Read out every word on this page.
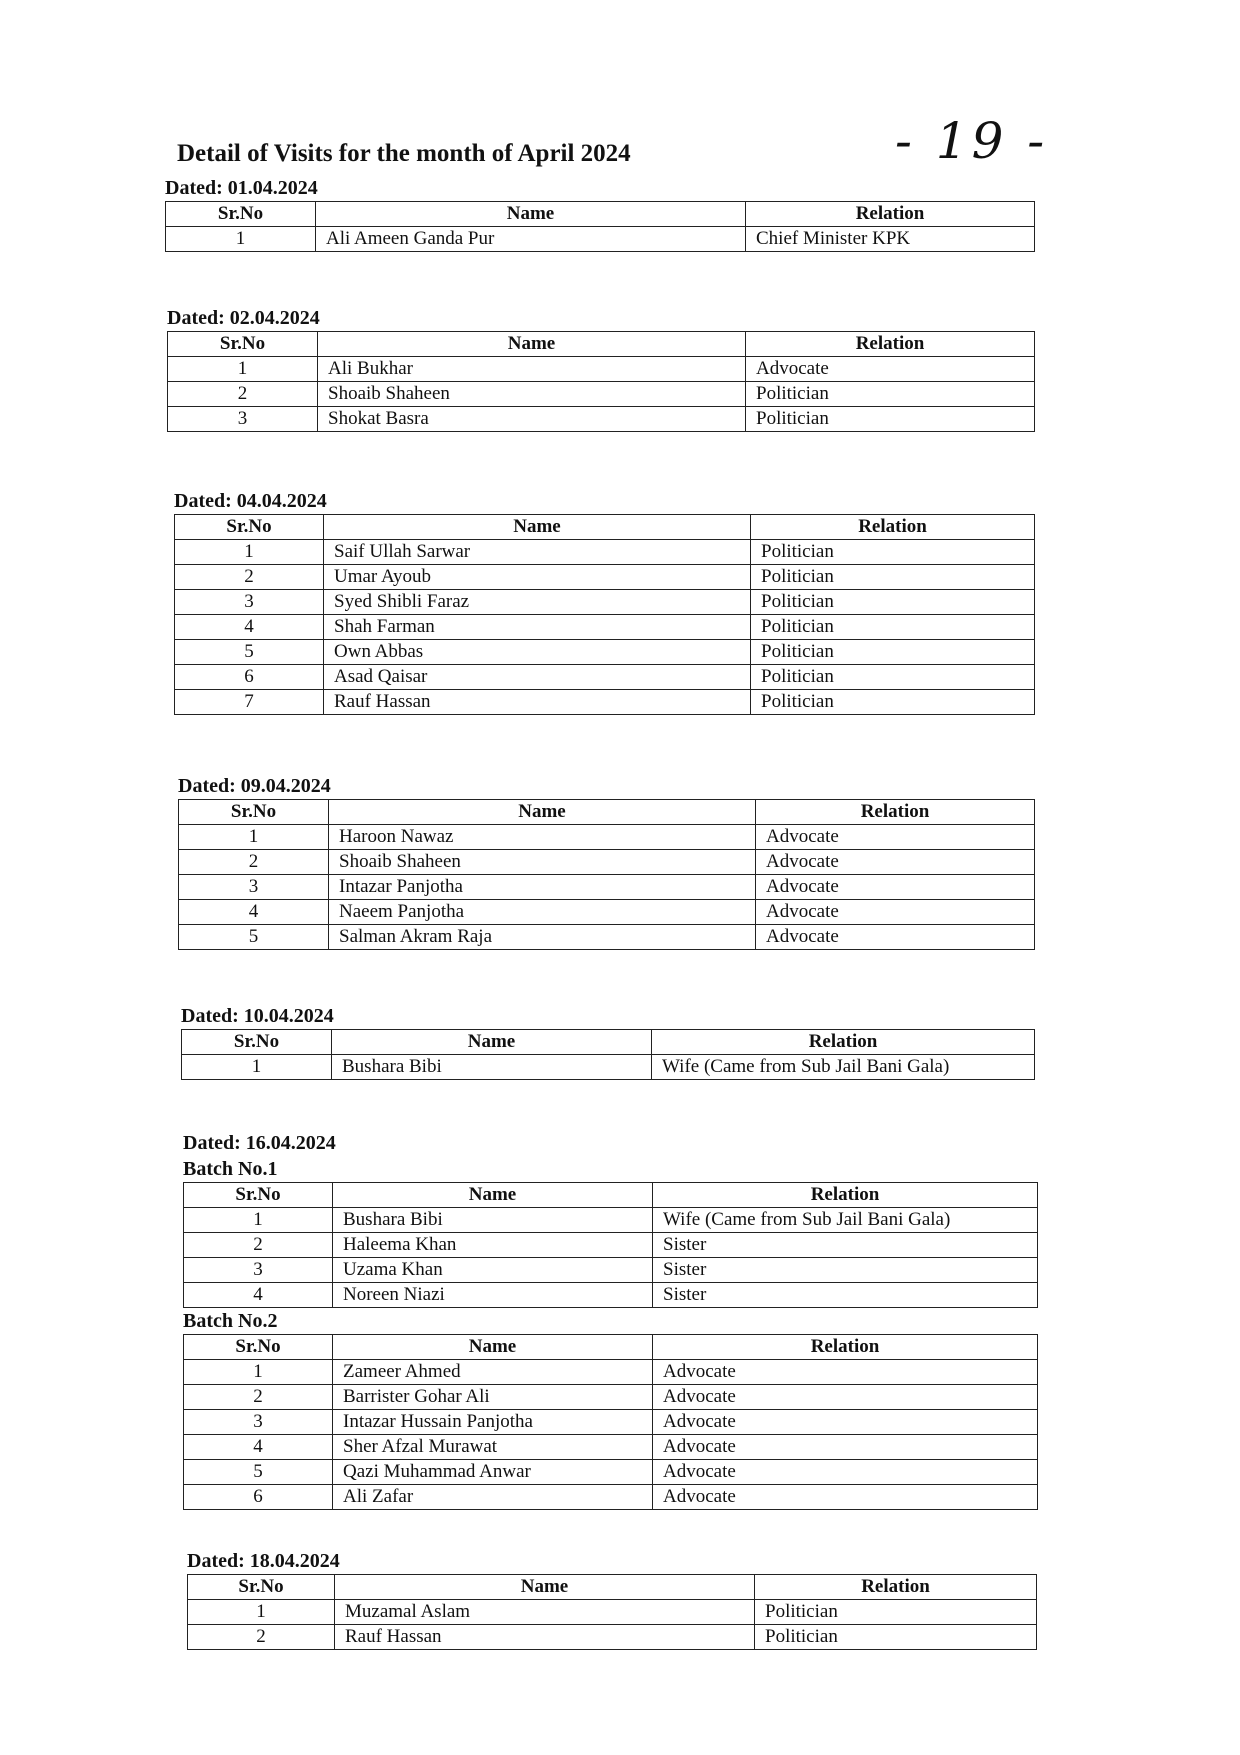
Detail of Visits for the month of April 2024	- 19 -
Dated: 01.04.2024
Sr.No	Name	Relation
1	Ali Ameen Ganda Pur	Chief Minister KPK
Dated: 02.04.2024
Sr.No	Name	Relation
1	Ali Bukhar	Advocate
2	Shoaib Shaheen	Politician
3	Shokat Basra	Politician
Dated: 04.04.2024
Sr.No	Name	Relation
1	Saif Ullah Sarwar	Politician
2	Umar Ayoub	Politician
3	Syed Shibli Faraz	Politician
4	Shah Farman	Politician
5	Own Abbas	Politician
6	Asad Qaisar	Politician
7	Rauf Hassan	Politician
Dated: 09.04.2024
Sr.No	Name	Relation
1	Haroon Nawaz	Advocate
2	Shoaib Shaheen	Advocate
3	Intazar Panjotha	Advocate
4	Naeem Panjotha	Advocate
5	Salman Akram Raja	Advocate
Dated: 10.04.2024
Sr.No	Name	Relation
1	Bushara Bibi	Wife (Came from Sub Jail Bani Gala)
Dated: 16.04.2024
Batch No.1
Sr.No	Name	Relation
1	Bushara Bibi	Wife (Came from Sub Jail Bani Gala)
2	Haleema Khan	Sister
3	Uzama Khan	Sister
4	Noreen Niazi	Sister
Batch No.2
Sr.No	Name	Relation
1	Zameer Ahmed	Advocate
2	Barrister Gohar Ali	Advocate
3	Intazar Hussain Panjotha	Advocate
4	Sher Afzal Murawat	Advocate
5	Qazi Muhammad Anwar	Advocate
6	Ali Zafar	Advocate
Dated: 18.04.2024
Sr.No	Name	Relation
1	Muzamal Aslam	Politician
2	Rauf Hassan	Politician
